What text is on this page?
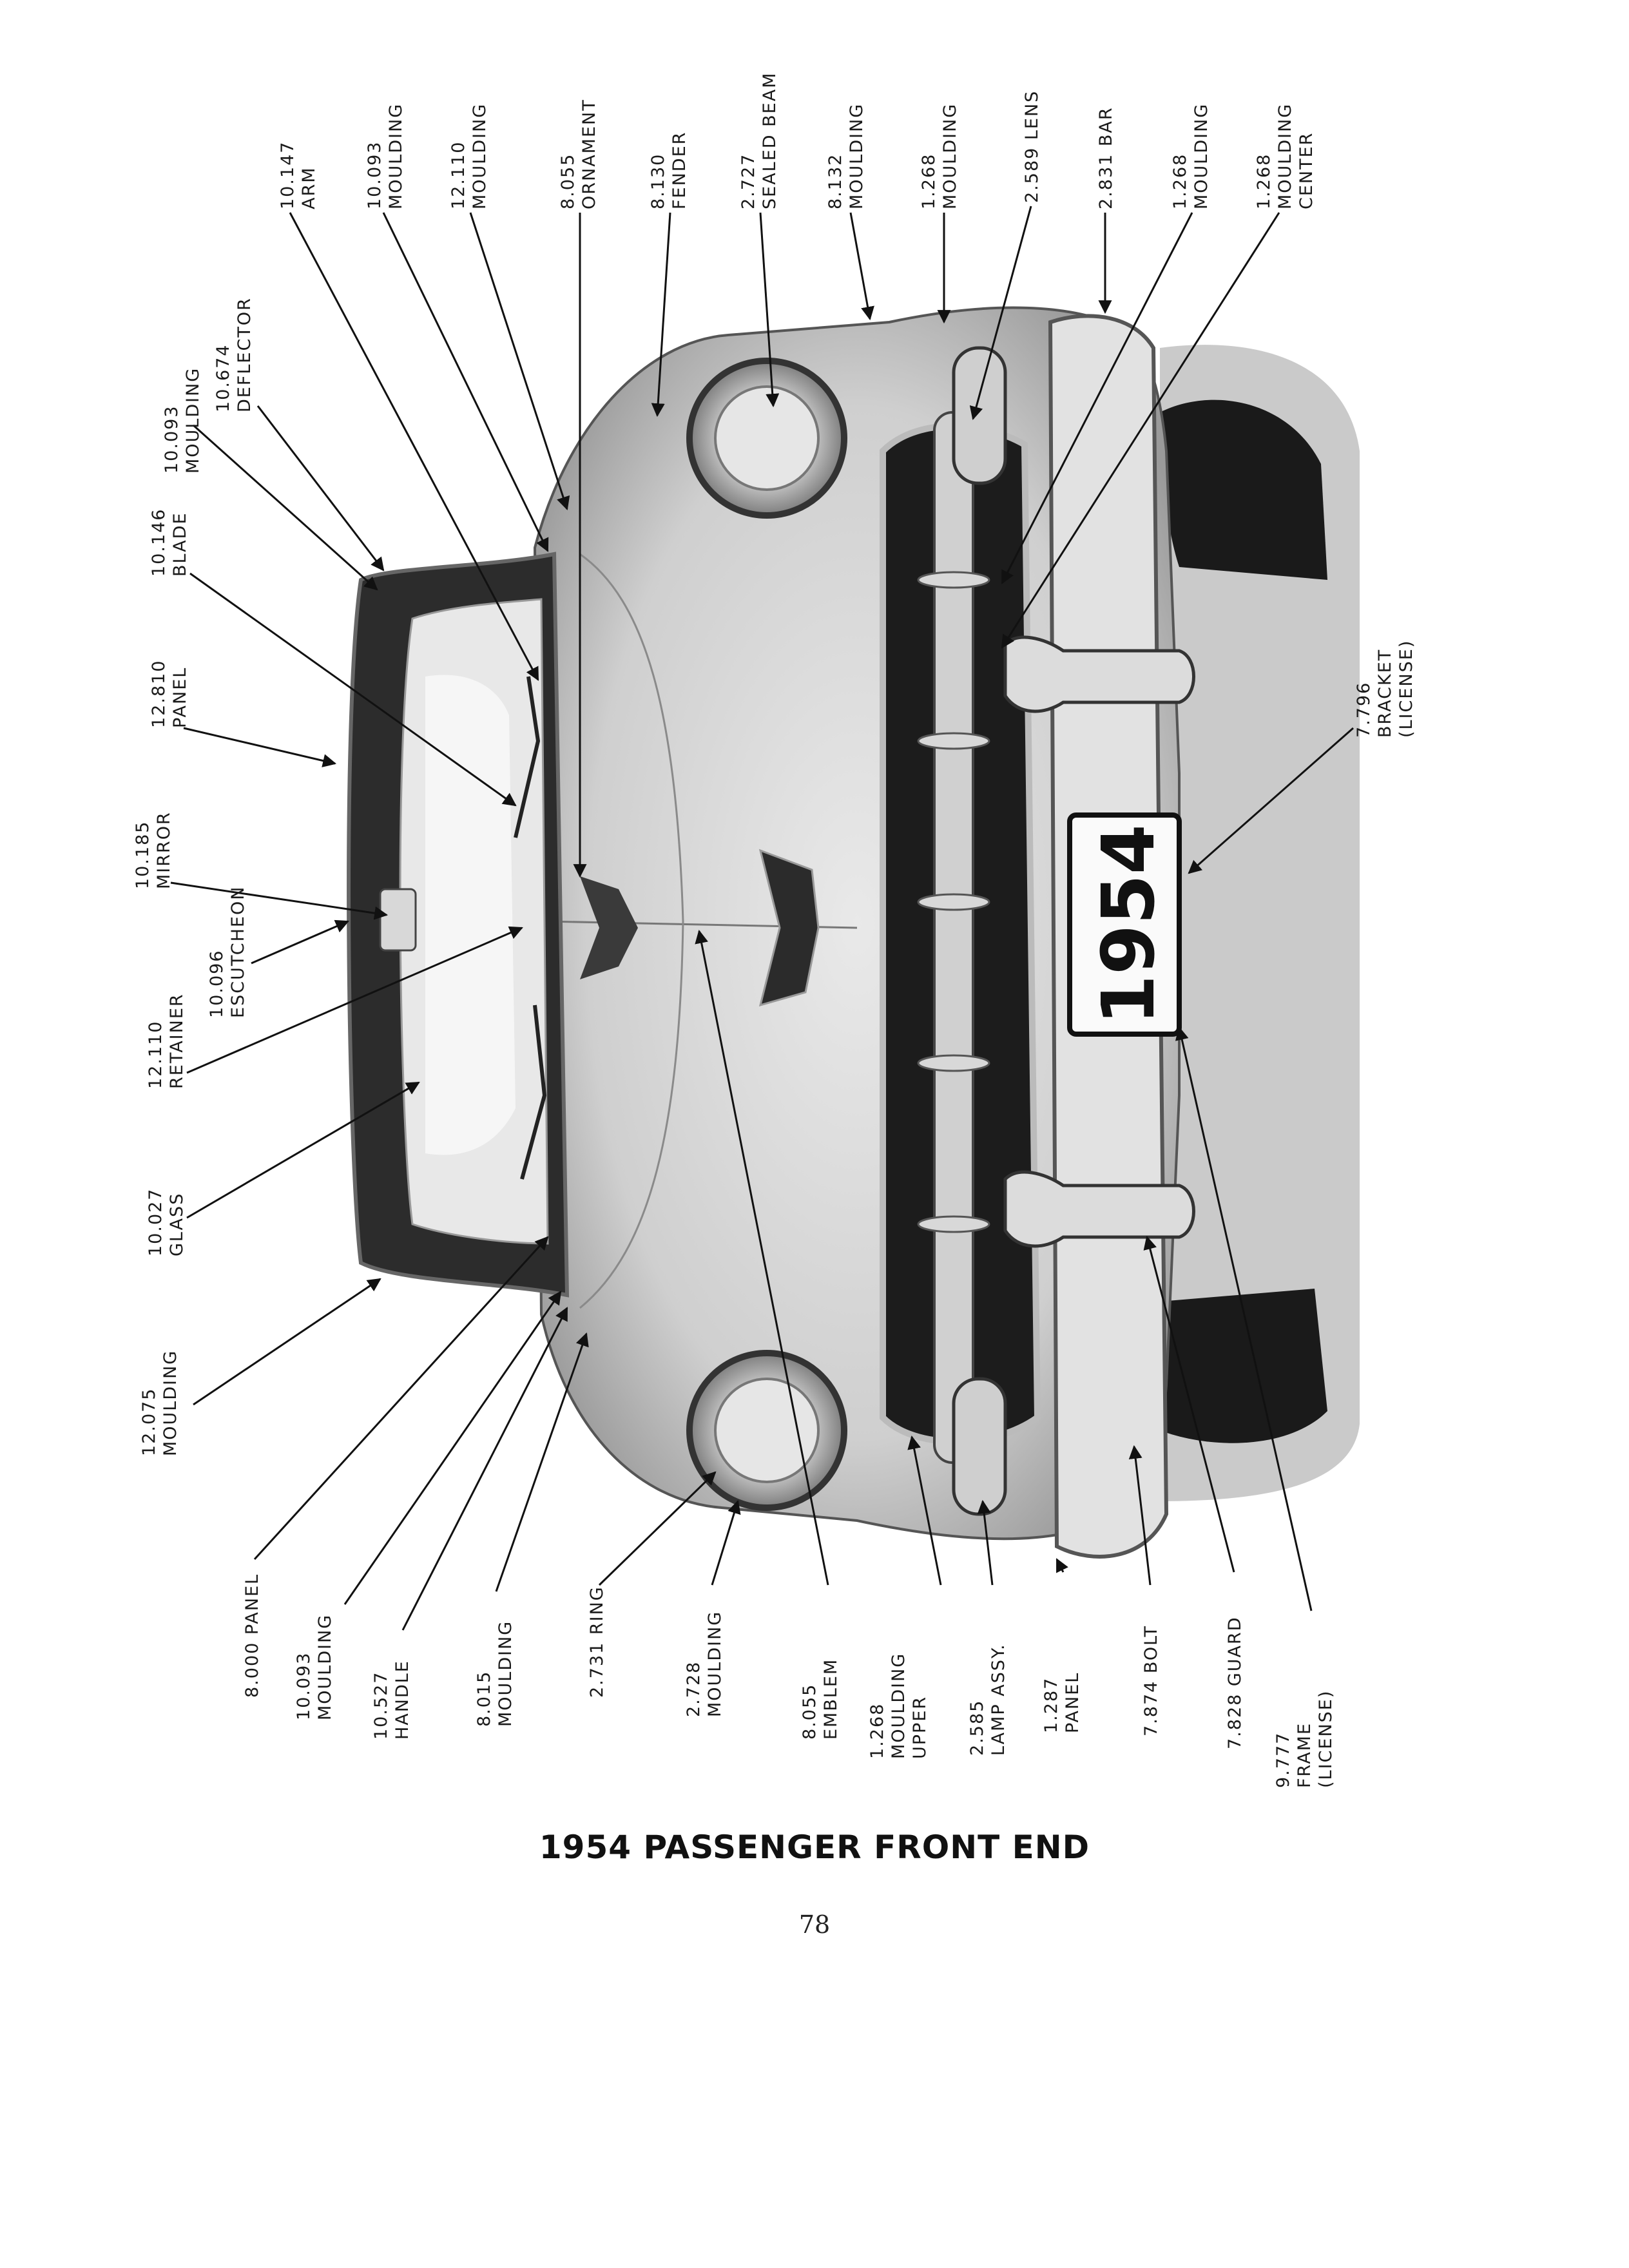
1954
10.147ARM	10.093MOULDING 12.110MOULDING	8.055ORNAMENT	8.130FENDER	2.727SEALED BEAM	8.132MOULDING	1.268MOULDING	2.589 LENS	2.831 BAR	1.268MOULDING 1.268MOULDINGCENTER
10.093MOULDING 10.674DEFLECTOR
10.146BLADE
12.810PANEL
10.185MIRROR
10.096ESCUTCHEON
12.110RETAINER
10.027GLASS
12.075MOULDING
8.000 PANEL 10.093MOULDING 10.527HANDLE	8.015MOULDING	2.731 RING	2.728MOULDING	8.055EMBLEM 1.268MOULDINGUPPER 2.585LAMP ASSY. 1.287PANEL	7.874 BOLT	7.828 GUARD
9.777FRAME(LICENSE)
7.796BRACKET(LICENSE)
1954 PASSENGER FRONT END
78
